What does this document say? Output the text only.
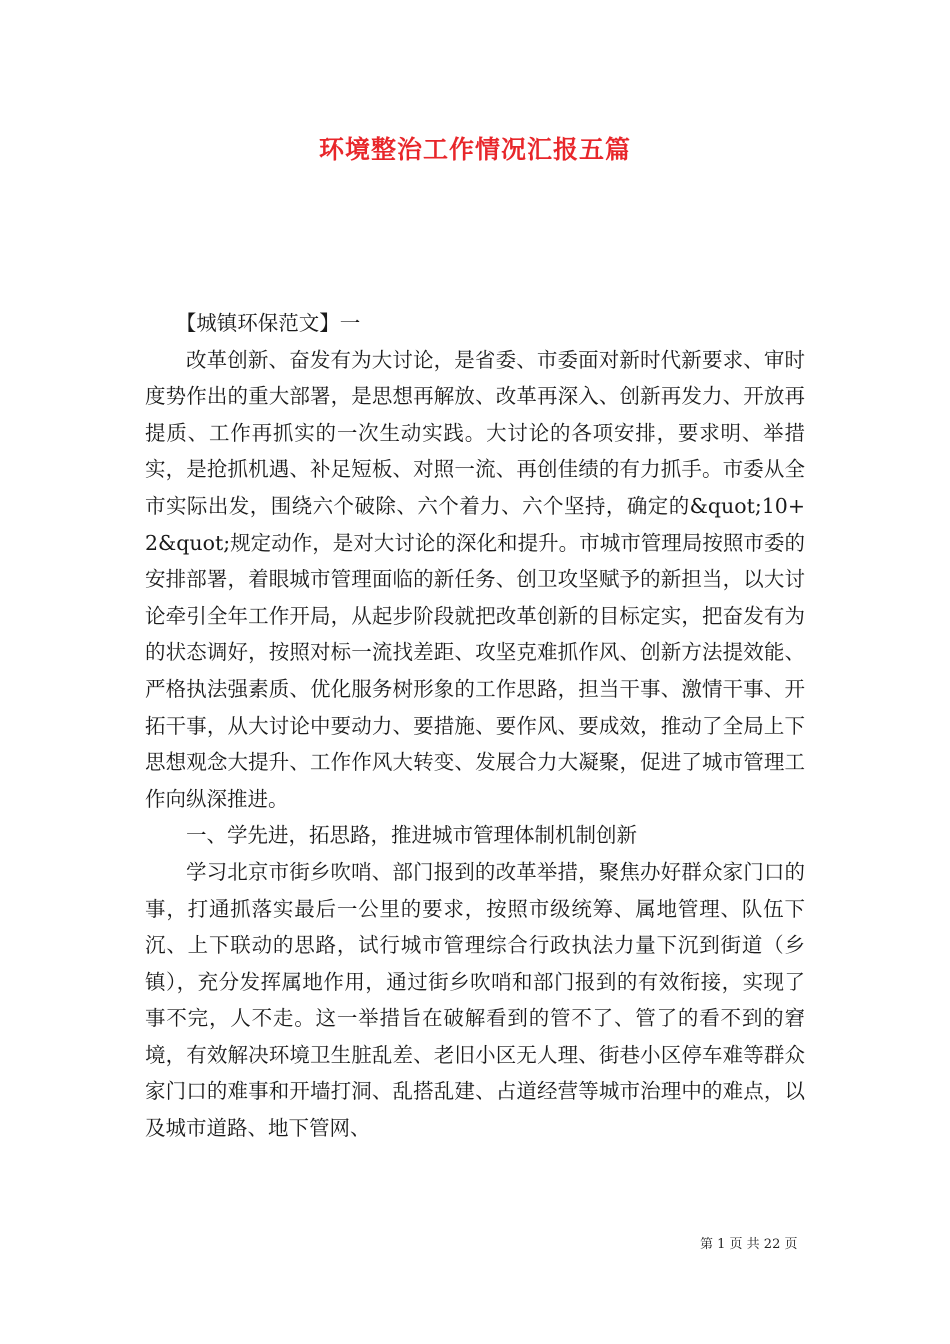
环境整治工作情况汇报五篇

【城镇环保范文】一

改革创新、奋发有为大讨论，是省委、市委面对新时代新要求、审时度势作出的重大部署，是思想再解放、改革再深入、创新再发力、开放再提质、工作再抓实的一次生动实践。大讨论的各项安排，要求明、举措实，是抢抓机遇、补足短板、对照一流、再创佳绩的有力抓手。市委从全市实际出发，围绕六个破除、六个着力、六个坚持，确定的&quot;10+2&quot;规定动作，是对大讨论的深化和提升。市城市管理局按照市委的安排部署，着眼城市管理面临的新任务、创卫攻坚赋予的新担当，以大讨论牵引全年工作开局，从起步阶段就把改革创新的目标定实，把奋发有为的状态调好，按照对标一流找差距、攻坚克难抓作风、创新方法提效能、严格执法强素质、优化服务树形象的工作思路，担当干事、激情干事、开拓干事，从大讨论中要动力、要措施、要作风、要成效，推动了全局上下思想观念大提升、工作作风大转变、发展合力大凝聚，促进了城市管理工作向纵深推进。

一、学先进，拓思路，推进城市管理体制机制创新

学习北京市街乡吹哨、部门报到的改革举措，聚焦办好群众家门口的事，打通抓落实最后一公里的要求，按照市级统筹、属地管理、队伍下沉、上下联动的思路，试行城市管理综合行政执法力量下沉到街道（乡镇），充分发挥属地作用，通过街乡吹哨和部门报到的有效衔接，实现了事不完，人不走。这一举措旨在破解看到的管不了、管了的看不到的窘境，有效解决环境卫生脏乱差、老旧小区无人理、街巷小区停车难等群众家门口的难事和开墙打洞、乱搭乱建、占道经营等城市治理中的难点，以及城市道路、地下管网、

第 1 页 共 22 页
